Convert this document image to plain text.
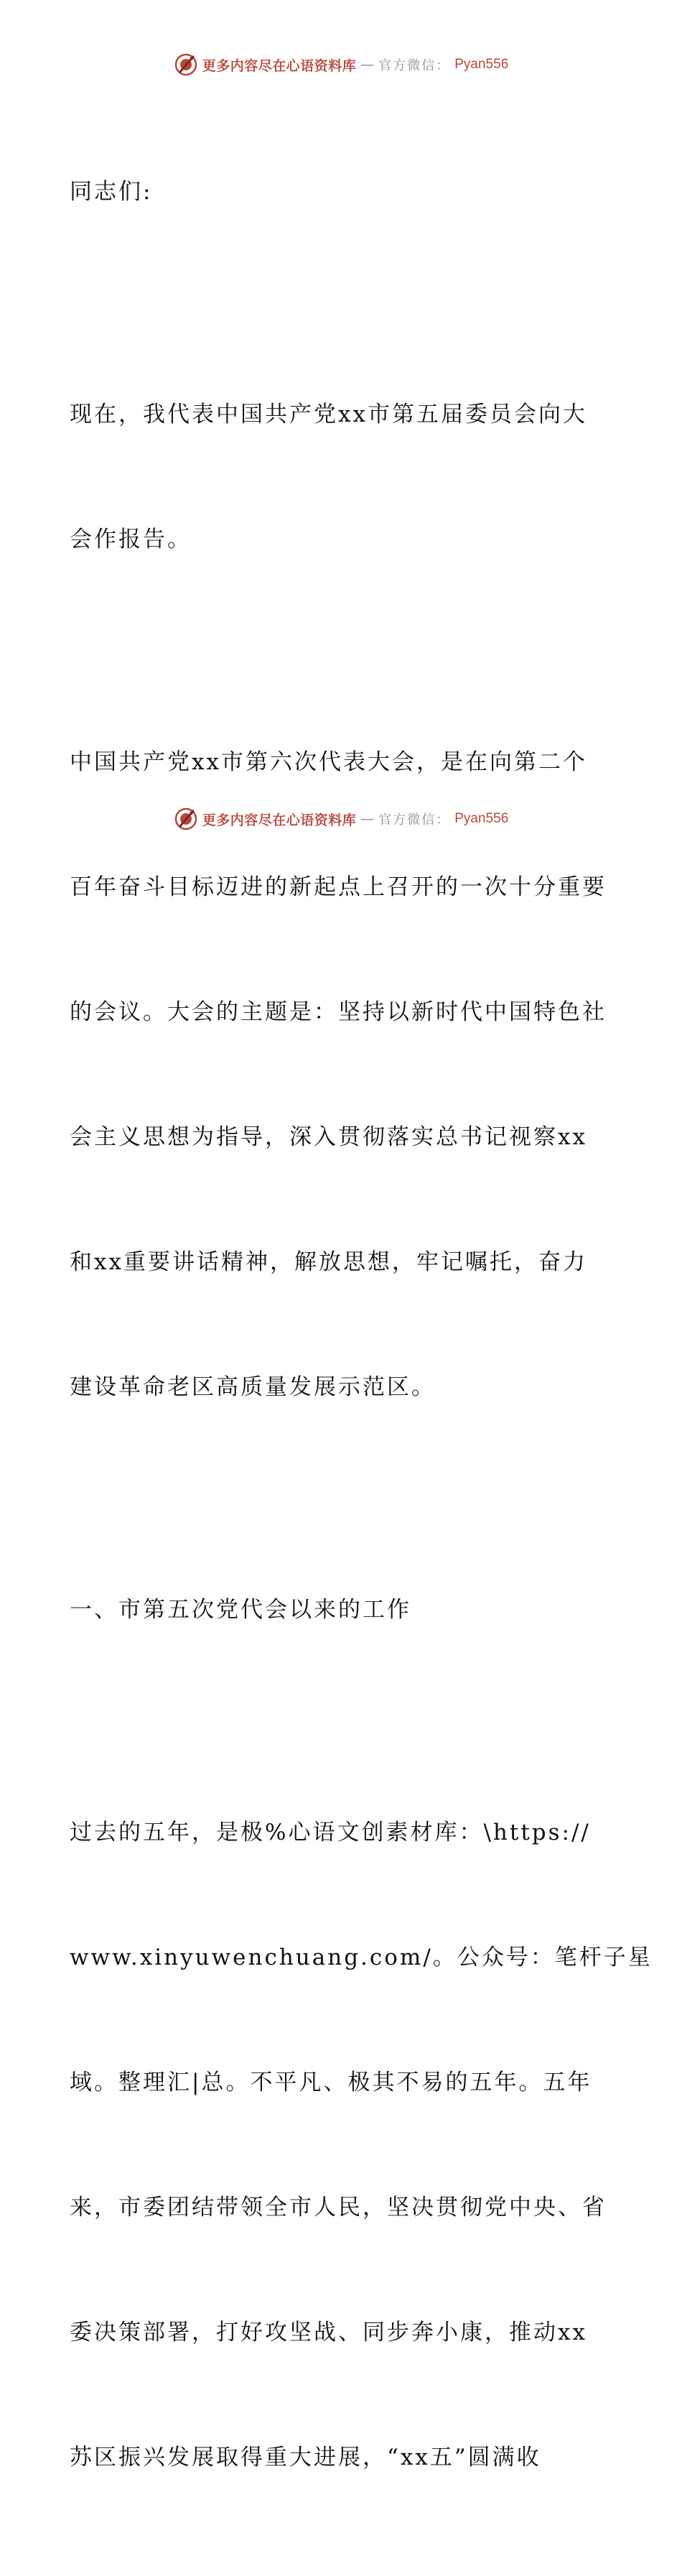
更多内容尽在心语资料库 — 官方微信： Pyan556

同志们:

现在，我代表中国共产党xx市第五届委员会向大

会作报告。

中国共产党xx市第六次代表大会，是在向第二个

百年奋斗目标迈进的新起点上召开的一次十分重要

的会议。大会的主题是：坚持以新时代中国特色社

会主义思想为指导，深入贯彻落实总书记视察xx

和xx重要讲话精神，解放思想，牢记嘱托，奋力

建设革命老区高质量发展示范区。

一、市第五次党代会以来的工作

过去的五年，是极%心语文创素材库：\https://

www.xinyuwenchuang.com/。公众号：笔杆子星

域。整理汇|总。不平凡、极其不易的五年。五年

来，市委团结带领全市人民，坚决贯彻党中央、省

委决策部署，打好攻坚战、同步奔小康，推动xx

苏区振兴发展取得重大进展，“xx五”圆满收

更多内容尽在心语资料库 — 官方微信： Pyan556
